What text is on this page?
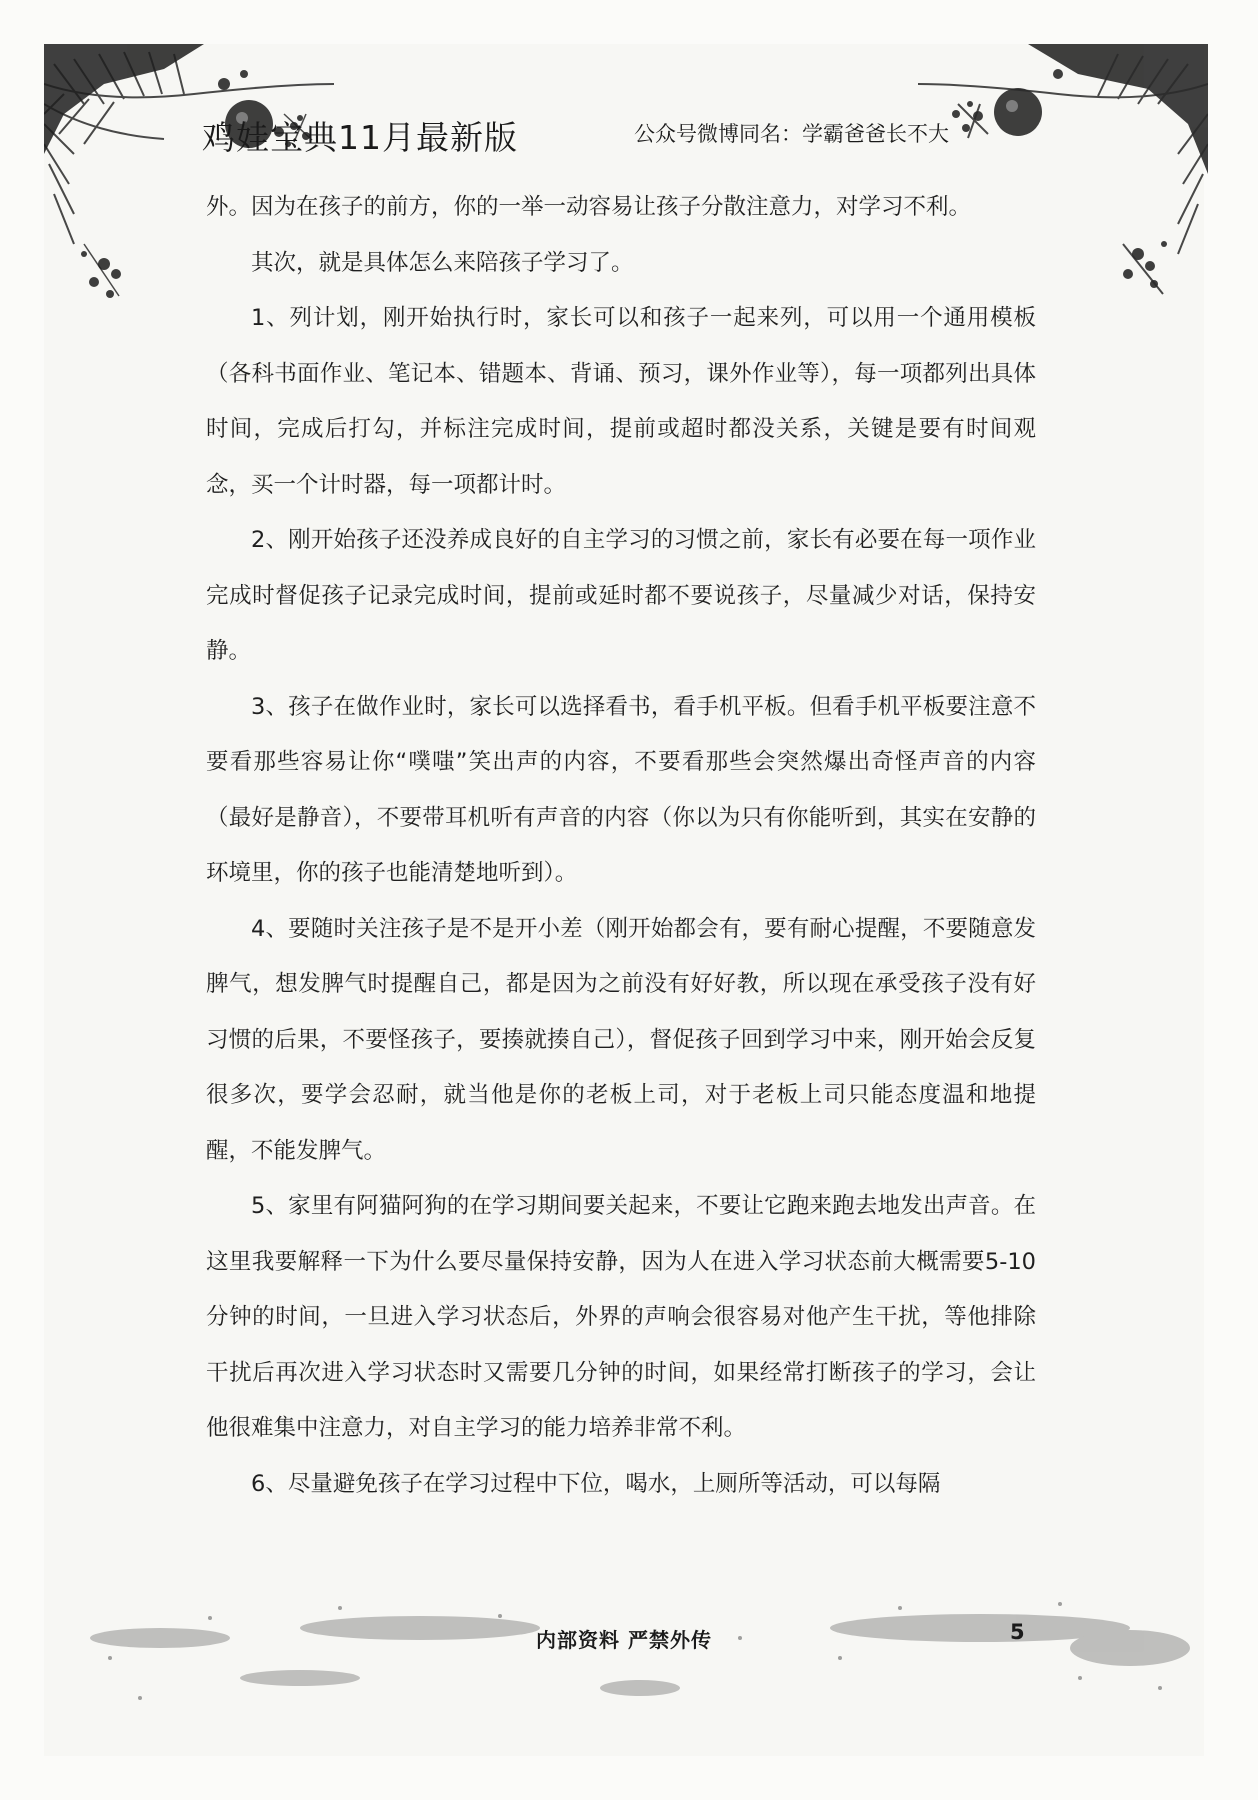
鸡娃宝典11月最新版	公众号微博同名：学霸爸爸长不大

外。因为在孩子的前方，你的一举一动容易让孩子分散注意力，对学习不利。

其次，就是具体怎么来陪孩子学习了。

1、列计划，刚开始执行时，家长可以和孩子一起来列，可以用一个通用模板（各科书面作业、笔记本、错题本、背诵、预习，课外作业等），每一项都列出具体时间，完成后打勾，并标注完成时间，提前或超时都没关系，关键是要有时间观念，买一个计时器，每一项都计时。

2、刚开始孩子还没养成良好的自主学习的习惯之前，家长有必要在每一项作业完成时督促孩子记录完成时间，提前或延时都不要说孩子，尽量减少对话，保持安静。

3、孩子在做作业时，家长可以选择看书，看手机平板。但看手机平板要注意不要看那些容易让你“噗嗤”笑出声的内容，不要看那些会突然爆出奇怪声音的内容（最好是静音），不要带耳机听有声音的内容（你以为只有你能听到，其实在安静的环境里，你的孩子也能清楚地听到）。

4、要随时关注孩子是不是开小差（刚开始都会有，要有耐心提醒，不要随意发脾气，想发脾气时提醒自己，都是因为之前没有好好教，所以现在承受孩子没有好习惯的后果，不要怪孩子，要揍就揍自己），督促孩子回到学习中来，刚开始会反复很多次，要学会忍耐，就当他是你的老板上司，对于老板上司只能态度温和地提醒，不能发脾气。

5、家里有阿猫阿狗的在学习期间要关起来，不要让它跑来跑去地发出声音。在这里我要解释一下为什么要尽量保持安静，因为人在进入学习状态前大概需要5-10分钟的时间，一旦进入学习状态后，外界的声响会很容易对他产生干扰，等他排除干扰后再次进入学习状态时又需要几分钟的时间，如果经常打断孩子的学习，会让他很难集中注意力，对自主学习的能力培养非常不利。

6、尽量避免孩子在学习过程中下位，喝水，上厕所等活动，可以每隔

内部资料 严禁外传	5
